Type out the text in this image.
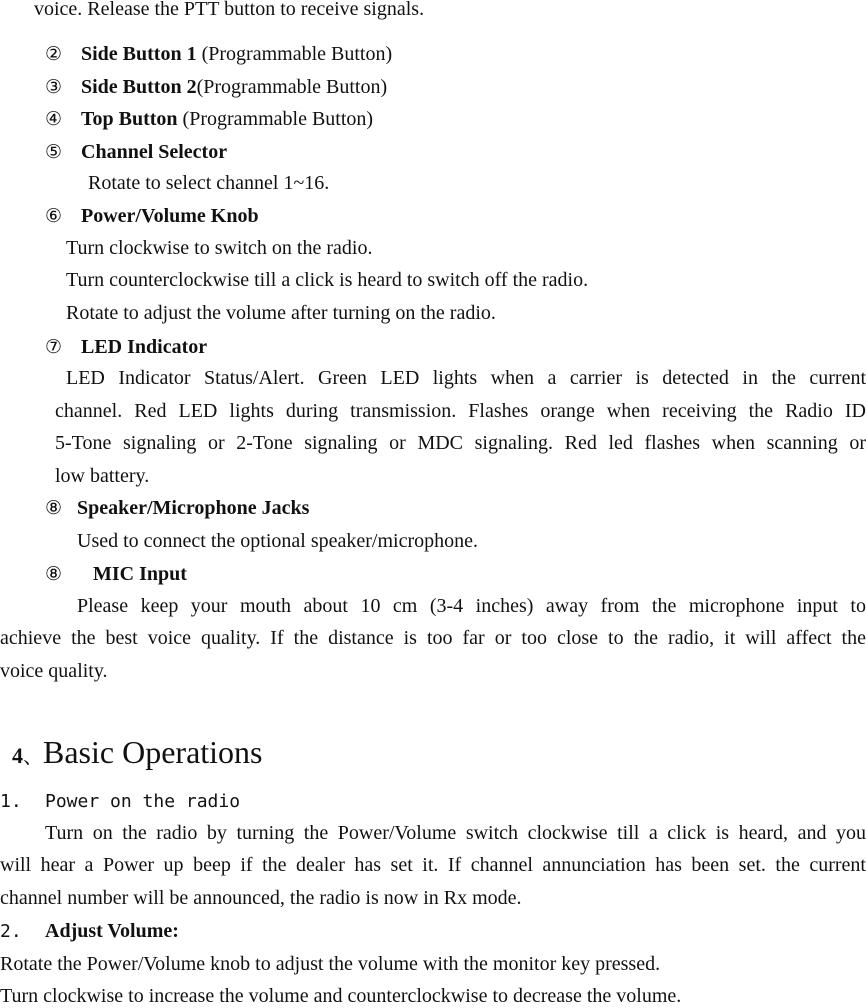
voice. Release the PTT button to receive signals.
② Side Button 1 (Programmable Button)
③ Side Button 2(Programmable Button)
④ Top Button (Programmable Button)
⑤ Channel Selector
Rotate to select channel 1~16.
⑥ Power/Volume Knob
Turn clockwise to switch on the radio.
Turn counterclockwise till a click is heard to switch off the radio.
Rotate to adjust the volume after turning on the radio.
⑦ LED Indicator
LED Indicator Status/Alert. Green LED lights when a carrier is detected in the current
channel. Red LED lights during transmission. Flashes orange when receiving the Radio ID
5-Tone signaling or 2-Tone signaling or MDC signaling. Red led flashes when scanning or
low battery.
⑧ Speaker/Microphone Jacks
Used to connect the optional speaker/microphone.
⑧ MIC Input
Please keep your mouth about 10 cm (3-4 inches) away from the microphone input to
achieve the best voice quality. If the distance is too far or too close to the radio, it will affect the
voice quality.
4、Basic Operations
1. Power on the radio
Turn on the radio by turning the Power/Volume switch clockwise till a click is heard, and you
will hear a Power up beep if the dealer has set it. If channel annunciation has been set. the current
channel number will be announced, the radio is now in Rx mode.
2. Adjust Volume:
Rotate the Power/Volume knob to adjust the volume with the monitor key pressed.
Turn clockwise to increase the volume and counterclockwise to decrease the volume.
